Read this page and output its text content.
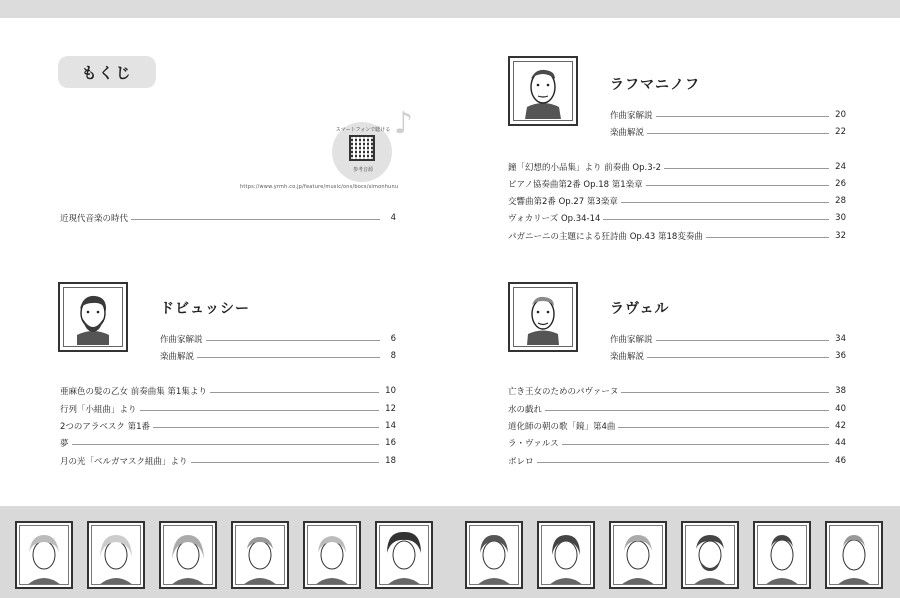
もくじ
スマートフォンで聴ける
参考音源
♪
https://www.yrmh.co.jp/feature/music/ons/bocs/simonhunu
近現代音楽の時代	4
ドビュッシー
作曲家解説	6
楽曲解説	8
亜麻色の髪の乙女 前奏曲集 第1集より	10
行列「小組曲」より	12
2つのアラベスク 第1番	14
夢	16
月の光「ベルガマスク組曲」より	18
ラフマニノフ
作曲家解説	20
楽曲解説	22
鐘「幻想的小品集」より 前奏曲 Op.3-2	24
ピアノ協奏曲第2番 Op.18 第1楽章	26
交響曲第2番 Op.27 第3楽章	28
ヴォカリーズ Op.34-14	30
パガニーニの主題による狂詩曲 Op.43 第18変奏曲	32
ラヴェル
作曲家解説	34
楽曲解説	36
亡き王女のためのパヴァーヌ	38
水の戯れ	40
道化師の朝の歌「鏡」第4曲	42
ラ・ヴァルス	44
ボレロ	46
